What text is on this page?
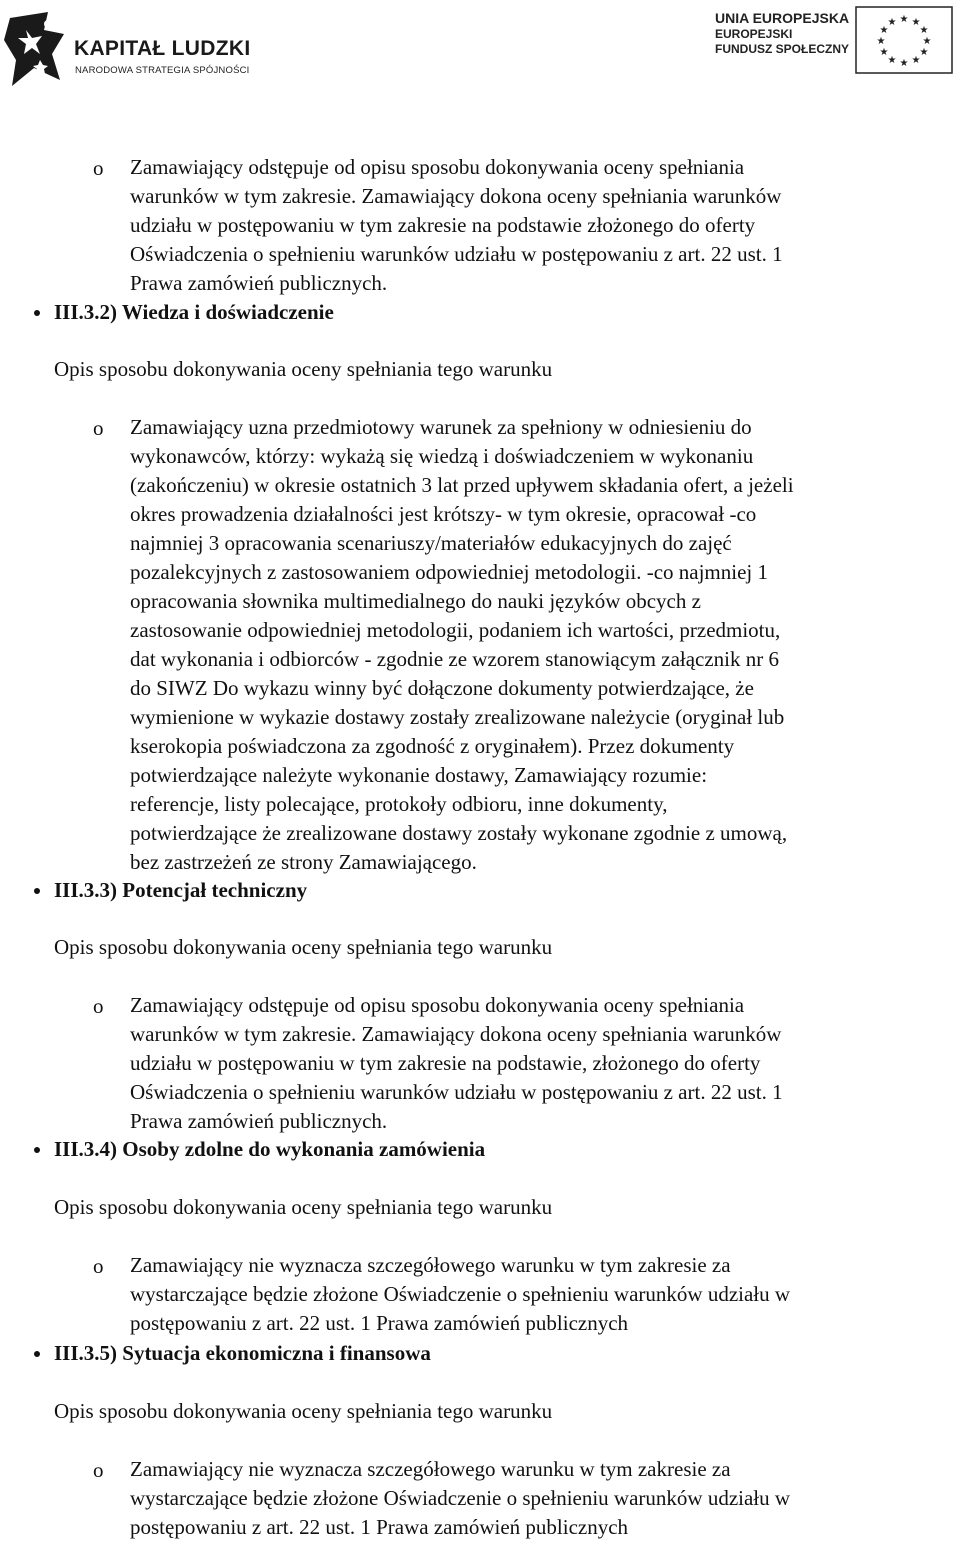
KAPITAŁ LUDZKI
NARODOWA STRATEGIA SPÓJNOŚCI
UNIA EUROPEJSKA
EUROPEJSKI
FUNDUSZ SPOŁECZNY
★ ★
★
★
★
★
★
★
★
★
★
★
o Zamawiający odstępuje od opisu sposobu dokonywania oceny spełniania
warunków w tym zakresie. Zamawiający dokona oceny spełniania warunków
udziału w postępowaniu w tym zakresie na podstawie złożonego do oferty
Oświadczenia o spełnieniu warunków udziału w postępowaniu z art. 22 ust. 1
Prawa zamówień publicznych.
III.3.2) Wiedza i doświadczenie
Opis sposobu dokonywania oceny spełniania tego warunku
o Zamawiający uzna przedmiotowy warunek za spełniony w odniesieniu do
wykonawców, którzy: wykażą się wiedzą i doświadczeniem w wykonaniu
(zakończeniu) w okresie ostatnich 3 lat przed upływem składania ofert, a jeżeli
okres prowadzenia działalności jest krótszy- w tym okresie, opracował -co
najmniej 3 opracowania scenariuszy/materiałów edukacyjnych do zajęć
pozalekcyjnych z zastosowaniem odpowiedniej metodologii. -co najmniej 1
opracowania słownika multimedialnego do nauki języków obcych z
zastosowanie odpowiedniej metodologii, podaniem ich wartości, przedmiotu,
dat wykonania i odbiorców - zgodnie ze wzorem stanowiącym załącznik nr 6
do SIWZ Do wykazu winny być dołączone dokumenty potwierdzające, że
wymienione w wykazie dostawy zostały zrealizowane należycie (oryginał lub
kserokopia poświadczona za zgodność z oryginałem). Przez dokumenty
potwierdzające należyte wykonanie dostawy, Zamawiający rozumie:
referencje, listy polecające, protokoły odbioru, inne dokumenty,
potwierdzające że zrealizowane dostawy zostały wykonane zgodnie z umową,
bez zastrzeżeń ze strony Zamawiającego.
III.3.3) Potencjał techniczny
Opis sposobu dokonywania oceny spełniania tego warunku
o Zamawiający odstępuje od opisu sposobu dokonywania oceny spełniania
warunków w tym zakresie. Zamawiający dokona oceny spełniania warunków
udziału w postępowaniu w tym zakresie na podstawie, złożonego do oferty
Oświadczenia o spełnieniu warunków udziału w postępowaniu z art. 22 ust. 1
Prawa zamówień publicznych.
III.3.4) Osoby zdolne do wykonania zamówienia
Opis sposobu dokonywania oceny spełniania tego warunku
o Zamawiający nie wyznacza szczegółowego warunku w tym zakresie za
wystarczające będzie złożone Oświadczenie o spełnieniu warunków udziału w
postępowaniu z art. 22 ust. 1 Prawa zamówień publicznych
III.3.5) Sytuacja ekonomiczna i finansowa
Opis sposobu dokonywania oceny spełniania tego warunku
o Zamawiający nie wyznacza szczegółowego warunku w tym zakresie za
wystarczające będzie złożone Oświadczenie o spełnieniu warunków udziału w
postępowaniu z art. 22 ust. 1 Prawa zamówień publicznych
